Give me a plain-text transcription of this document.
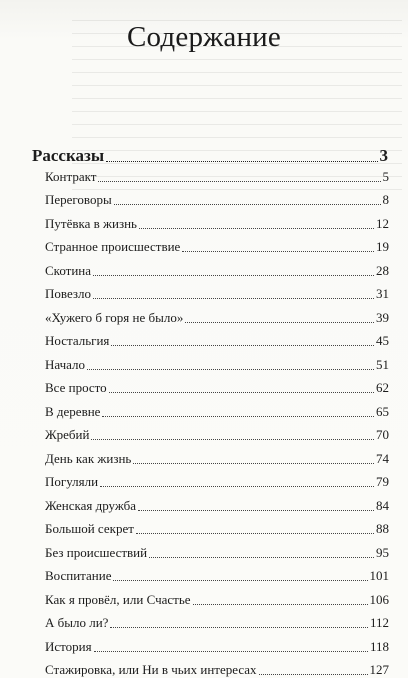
Содержание
Рассказы	3
Контракт	5
Переговоры	8
Путёвка в жизнь	12
Странное происшествие	19
Скотина	28
Повезло	31
«Хужего б горя не было»	39
Ностальгия	45
Начало	51
Все просто	62
В деревне	65
Жребий	70
День как жизнь	74
Погуляли	79
Женская дружба	84
Большой секрет	88
Без происшествий	95
Воспитание	101
Как я провёл, или Счастье	106
А было ли?	112
История	118
Стажировка, или Ни в чьих интересах	127
